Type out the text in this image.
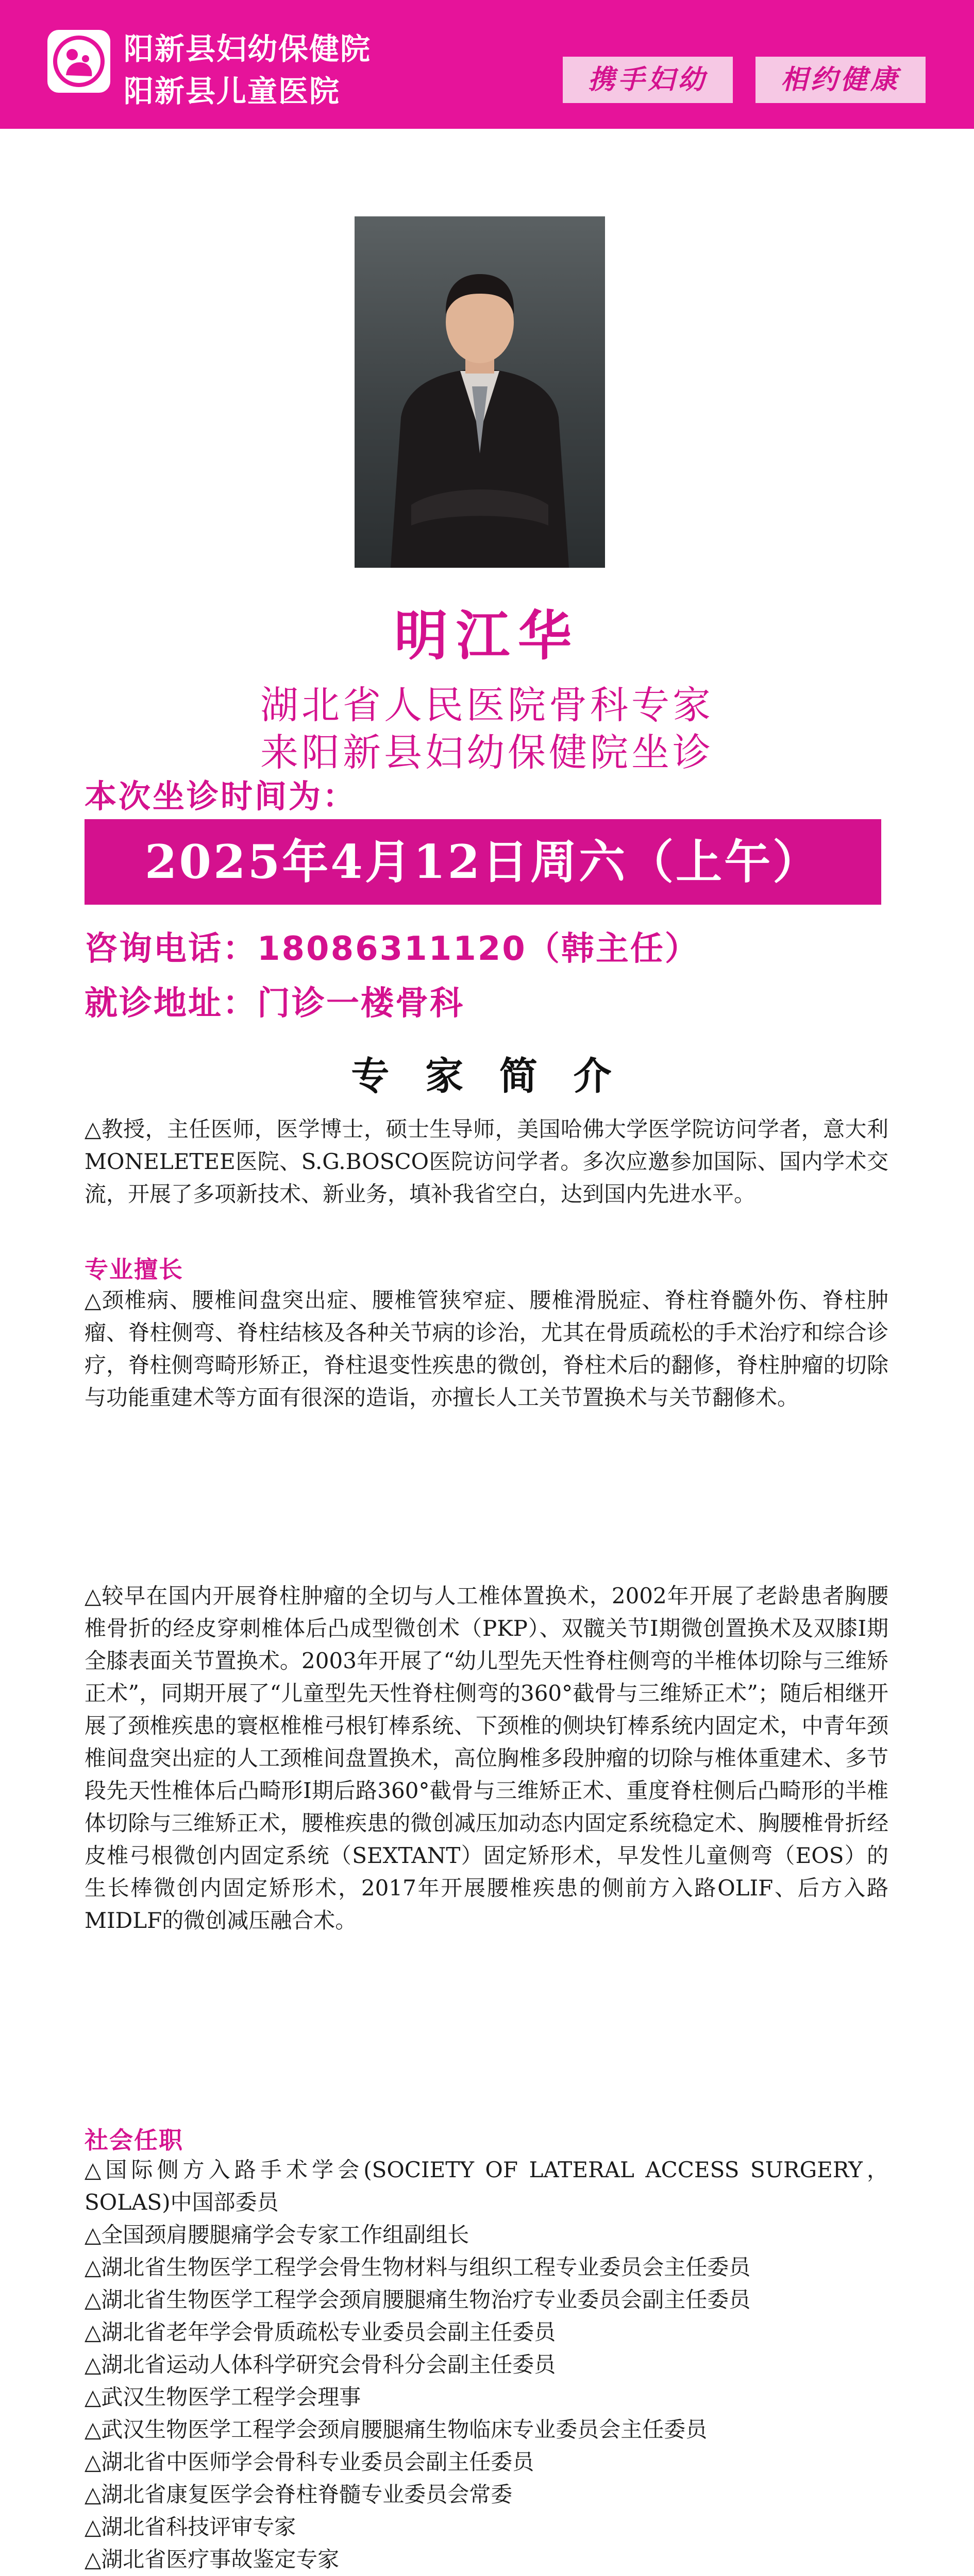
阳新县妇幼保健院
阳新县儿童医院	携手妇幼	相约健康
明江华
湖北省人民医院骨科专家
来阳新县妇幼保健院坐诊
本次坐诊时间为：
2025年4月12日周六（上午）
咨询电话：18086311120（韩主任）
就诊地址：门诊一楼骨科
专 家 简 介

△教授，主任医师，医学博士，硕士生导师，美国哈佛大学医学院访问学者，意大利MONELETEE医院、S.G.BOSCO医院访问学者。多次应邀参加国际、国内学术交流，开展了多项新技术、新业务，填补我省空白，达到国内先进水平。

专业擅长

△颈椎病、腰椎间盘突出症、腰椎管狭窄症、腰椎滑脱症、脊柱脊髓外伤、脊柱肿瘤、脊柱侧弯、脊柱结核及各种关节病的诊治，尤其在骨质疏松的手术治疗和综合诊疗，脊柱侧弯畸形矫正，脊柱退变性疾患的微创，脊柱术后的翻修，脊柱肿瘤的切除与功能重建术等方面有很深的造诣，亦擅长人工关节置换术与关节翻修术。

△较早在国内开展脊柱肿瘤的全切与人工椎体置换术，2002年开展了老龄患者胸腰椎骨折的经皮穿刺椎体后凸成型微创术（PKP）、双髋关节Ⅰ期微创置换术及双膝Ⅰ期全膝表面关节置换术。2003年开展了“幼儿型先天性脊柱侧弯的半椎体切除与三维矫正术”，同期开展了“儿童型先天性脊柱侧弯的360°截骨与三维矫正术”；随后相继开展了颈椎疾患的寰枢椎椎弓根钉棒系统、下颈椎的侧块钉棒系统内固定术，中青年颈椎间盘突出症的人工颈椎间盘置换术，高位胸椎多段肿瘤的切除与椎体重建术、多节段先天性椎体后凸畸形Ⅰ期后路360°截骨与三维矫正术、重度脊柱侧后凸畸形的半椎体切除与三维矫正术，腰椎疾患的微创减压加动态内固定系统稳定术、胸腰椎骨折经皮椎弓根微创内固定系统（SEXTANT）固定矫形术，早发性儿童侧弯（EOS）的生长棒微创内固定矫形术，2017年开展腰椎疾患的侧前方入路OLIF、后方入路MIDLF的微创减压融合术。

社会任职
△国际侧方入路手术学会(SOCIETY OF LATERAL ACCESS SURGERY，SOLAS)中国部委员
△全国颈肩腰腿痛学会专家工作组副组长
△湖北省生物医学工程学会骨生物材料与组织工程专业委员会主任委员
△湖北省生物医学工程学会颈肩腰腿痛生物治疗专业委员会副主任委员
△湖北省老年学会骨质疏松专业委员会副主任委员
△湖北省运动人体科学研究会骨科分会副主任委员
△武汉生物医学工程学会理事
△武汉生物医学工程学会颈肩腰腿痛生物临床专业委员会主任委员
△湖北省中医师学会骨科专业委员会副主任委员
△湖北省康复医学会脊柱脊髓专业委员会常委
△湖北省科技评审专家
△湖北省医疗事故鉴定专家
